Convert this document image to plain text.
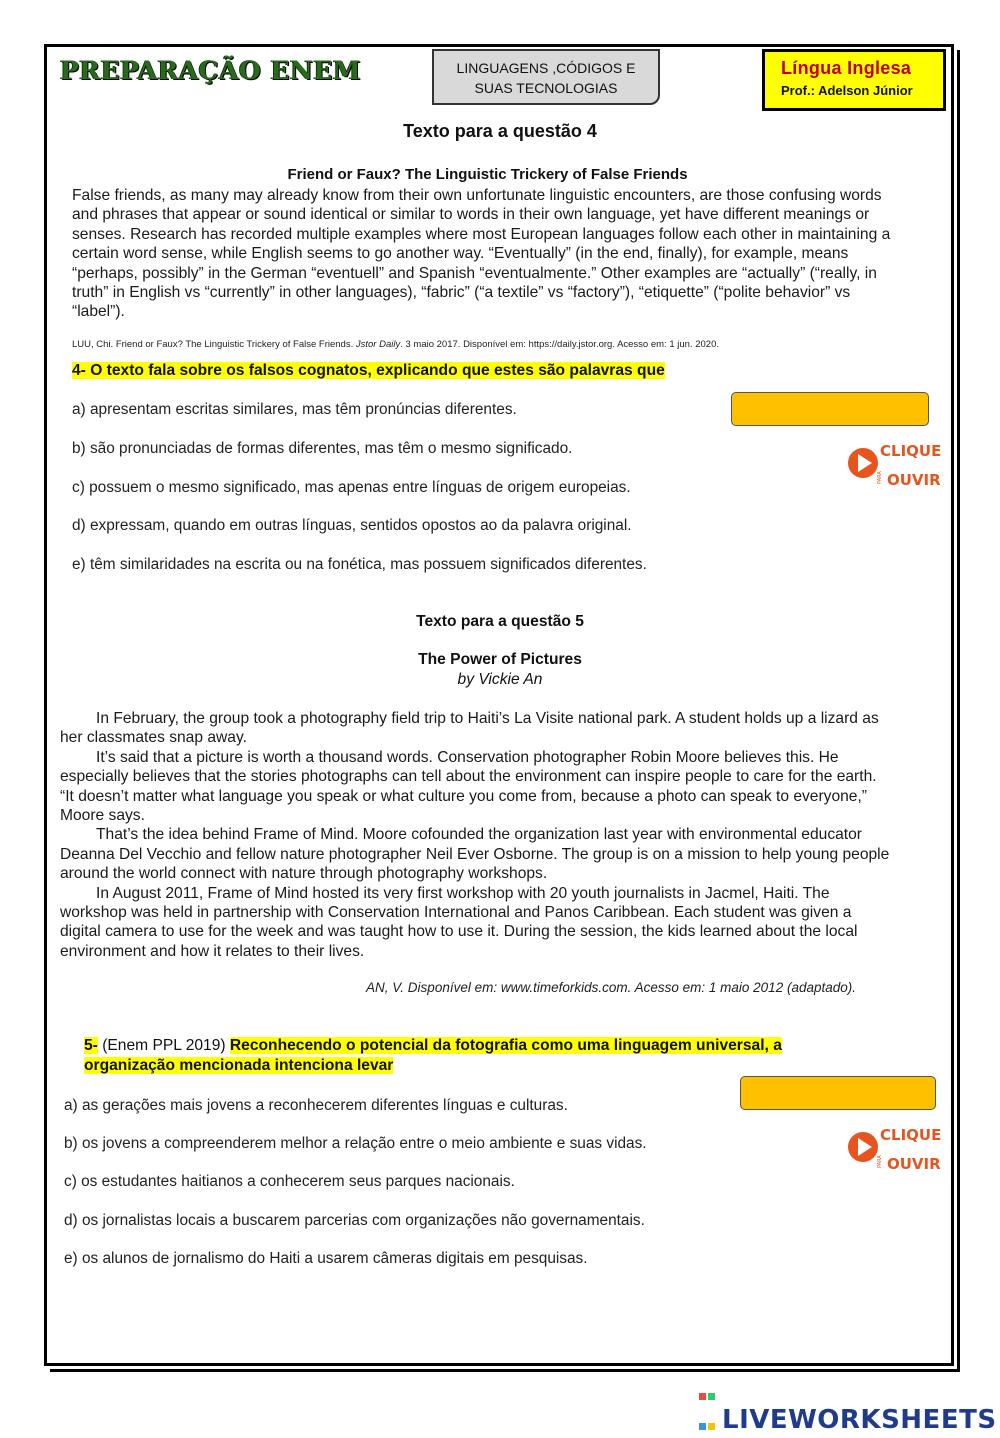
PREPARAÇÃO ENEM	LINGUAGENS ,CÓDIGOS E
SUAS TECNOLOGIAS
Língua Inglesa
Prof.: Adelson Júnior
Texto para a questão 4
Friend or Faux? The Linguistic Trickery of False Friends
False friends, as many may already know from their own unfortunate linguistic encounters, are those confusing words and phrases that appear or sound identical or similar to words in their own language, yet have different meanings or senses. Research has recorded multiple examples where most European languages follow each other in maintaining a certain word sense, while English seems to go another way. “Eventually” (in the end, finally), for example, means “perhaps, possibly” in the German “eventuell” and Spanish “eventualmente.” Other examples are “actually” (“really, in truth” in English vs “currently” in other languages), “fabric” (“a textile” vs “factory”), “etiquette” (“polite behavior” vs “label”).
LUU, Chi. Friend or Faux? The Linguistic Trickery of False Friends. Jstor Daily. 3 maio 2017. Disponível em: https://daily.jstor.org. Acesso em: 1 jun. 2020.
4- O texto fala sobre os falsos cognatos, explicando que estes são palavras que
a) apresentam escritas similares, mas têm pronúncias diferentes.
b) são pronunciadas de formas diferentes, mas têm o mesmo significado.
c) possuem o mesmo significado, mas apenas entre línguas de origem europeias.
d) expressam, quando em outras línguas, sentidos opostos ao da palavra original.
e) têm similaridades na escrita ou na fonética, mas possuem significados diferentes.
CLIQUE
PARA OUVIR
Texto para a questão 5
The Power of Pictures
by Vickie An

In February, the group took a photography field trip to Haiti’s La Visite national park. A student holds up a lizard as her classmates snap away.

It’s said that a picture is worth a thousand words. Conservation photographer Robin Moore believes this. He especially believes that the stories photographs can tell about the environment can inspire people to care for the earth. “It doesn’t matter what language you speak or what culture you come from, because a photo can speak to everyone,” Moore says.

That’s the idea behind Frame of Mind. Moore cofounded the organization last year with environmental educator Deanna Del Vecchio and fellow nature photographer Neil Ever Osborne. The group is on a mission to help young people around the world connect with nature through photography workshops.

In August 2011, Frame of Mind hosted its very first workshop with 20 youth journalists in Jacmel, Haiti. The workshop was held in partnership with Conservation International and Panos Caribbean. Each student was given a digital camera to use for the week and was taught how to use it. During the session, the kids learned about the local environment and how it relates to their lives.

AN, V. Disponível em: www.timeforkids.com. Acesso em: 1 maio 2012 (adaptado).
5- (Enem PPL 2019) Reconhecendo o potencial da fotografia como uma linguagem universal, a
organização mencionada intenciona levar
a) as gerações mais jovens a reconhecerem diferentes línguas e culturas.
b) os jovens a compreenderem melhor a relação entre o meio ambiente e suas vidas.
c) os estudantes haitianos a conhecerem seus parques nacionais.
d) os jornalistas locais a buscarem parcerias com organizações não governamentais.
e) os alunos de jornalismo do Haiti a usarem câmeras digitais em pesquisas.
CLIQUE
PARA OUVIR

LIVEWORKSHEETS
